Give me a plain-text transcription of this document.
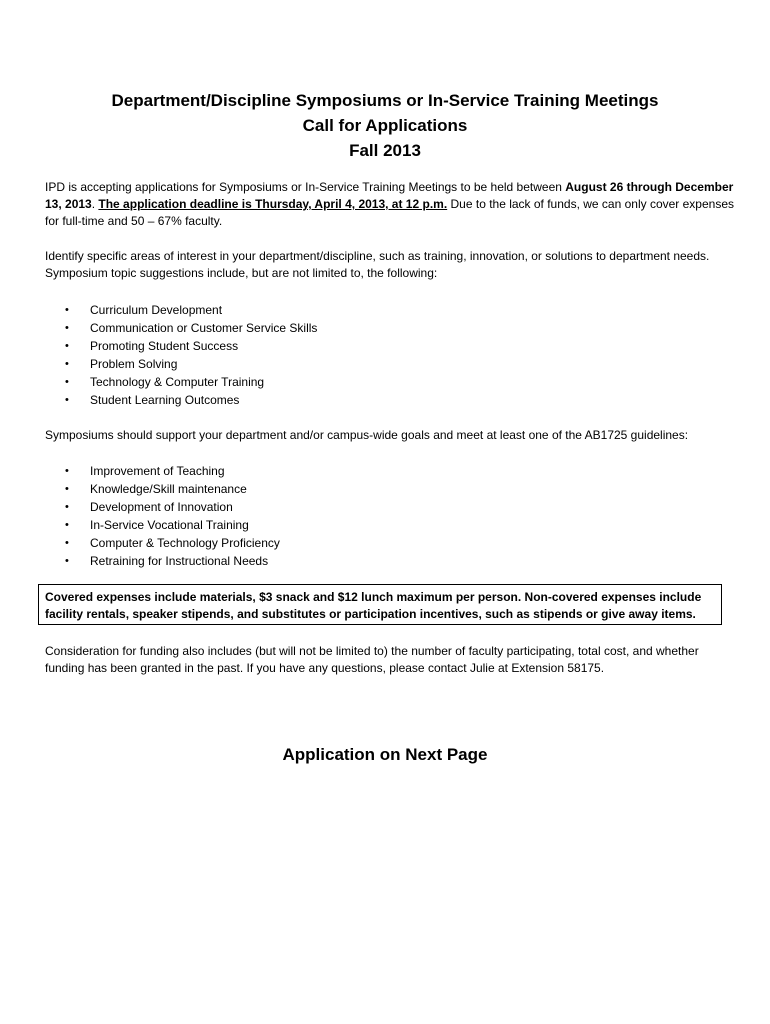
Department/Discipline Symposiums or In-Service Training Meetings
Call for Applications
Fall 2013
IPD is accepting applications for Symposiums or In-Service Training Meetings to be held between August 26 through December 13, 2013. The application deadline is Thursday, April 4, 2013, at 12 p.m. Due to the lack of funds, we can only cover expenses for full-time and 50 – 67% faculty.
Identify specific areas of interest in your department/discipline, such as training, innovation, or solutions to department needs. Symposium topic suggestions include, but are not limited to, the following:
• Curriculum Development
• Communication or Customer Service Skills
• Promoting Student Success
• Problem Solving
• Technology & Computer Training
• Student Learning Outcomes
Symposiums should support your department and/or campus-wide goals and meet at least one of the AB1725 guidelines:
• Improvement of Teaching
• Knowledge/Skill maintenance
• Development of Innovation
• In-Service Vocational Training
• Computer & Technology Proficiency
• Retraining for Instructional Needs
Covered expenses include materials, $3 snack and $12 lunch maximum per person. Non-covered expenses include facility rentals, speaker stipends, and substitutes or participation incentives, such as stipends or give away items.
Consideration for funding also includes (but will not be limited to) the number of faculty participating, total cost, and whether funding has been granted in the past. If you have any questions, please contact Julie at Extension 58175.
Application on Next Page
